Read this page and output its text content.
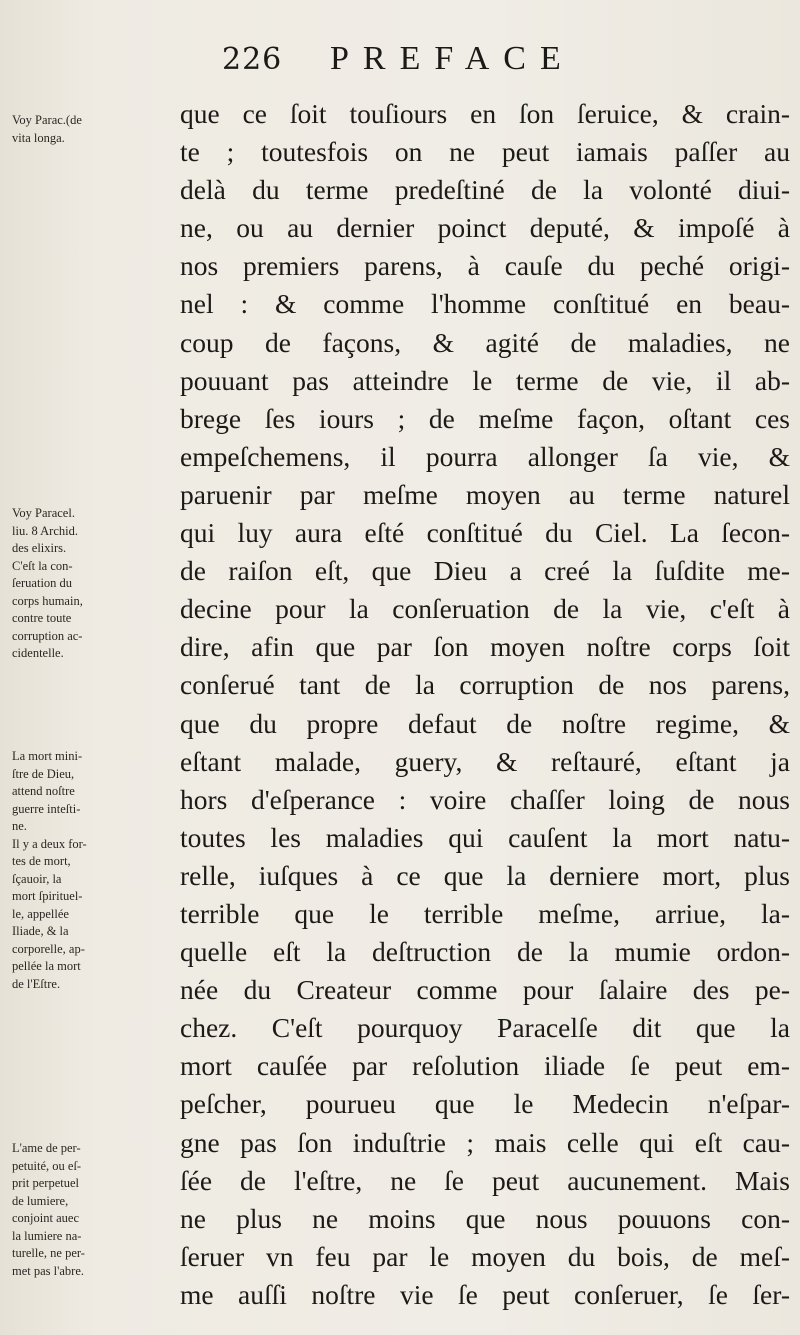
226 PREFACE
Voy Parac.(de
vita longa.
Voy Paracel.
liu. 8 Archid.
des elixirs.
C'eſt la con-
ſeruation du
corps humain,
contre toute
corruption ac-
cidentelle.
La mort mini-
ſtre de Dieu,
attend noſtre
guerre inteſti-
ne.
Il y a deux for-
tes de mort,
ſçauoir, la
mort ſpirituel-
le, appellée
Iliade, & la
corporelle, ap-
pellée la mort
de l'Eſtre.
L'ame de per-
petuité, ou eſ-
prit perpetuel
de lumiere,
conjoint auec
la lumiere na-
turelle, ne per-
met pas l'abre.
que ce ſoit touſiours en ſon ſeruice, & crain-
te ; toutesfois on ne peut iamais paſſer au
delà du terme predeſtiné de la volonté diui-
ne, ou au dernier poinct deputé, & impoſé à
nos premiers parens, à cauſe du peché origi-
nel : & comme l'homme conſtitué en beau-
coup de façons, & agité de maladies, ne
pouuant pas atteindre le terme de vie, il ab-
brege ſes iours ; de meſme façon, oſtant ces
empeſchemens, il pourra allonger ſa vie, &
paruenir par meſme moyen au terme naturel
qui luy aura eſté conſtitué du Ciel. La ſecon-
de raiſon eſt, que Dieu a creé la ſuſdite me-
decine pour la conſeruation de la vie, c'eſt à
dire, afin que par ſon moyen noſtre corps ſoit
conſerué tant de la corruption de nos parens,
que du propre defaut de noſtre regime, &
eſtant malade, guery, & reſtauré, eſtant ja
hors d'eſperance : voire chaſſer loing de nous
toutes les maladies qui cauſent la mort natu-
relle, iuſques à ce que la derniere mort, plus
terrible que le terrible meſme, arriue, la-
quelle eſt la deſtruction de la mumie ordon-
née du Createur comme pour ſalaire des pe-
chez. C'eſt pourquoy Paracelſe dit que la
mort cauſée par reſolution iliade ſe peut em-
peſcher, pourueu que le Medecin n'eſpar-
gne pas ſon induſtrie ; mais celle qui eſt cau-
ſée de l'eſtre, ne ſe peut aucunement. Mais
ne plus ne moins que nous pouuons con-
ſeruer vn feu par le moyen du bois, de meſ-
me auſſi noſtre vie ſe peut conſeruer, ſe ſer-
